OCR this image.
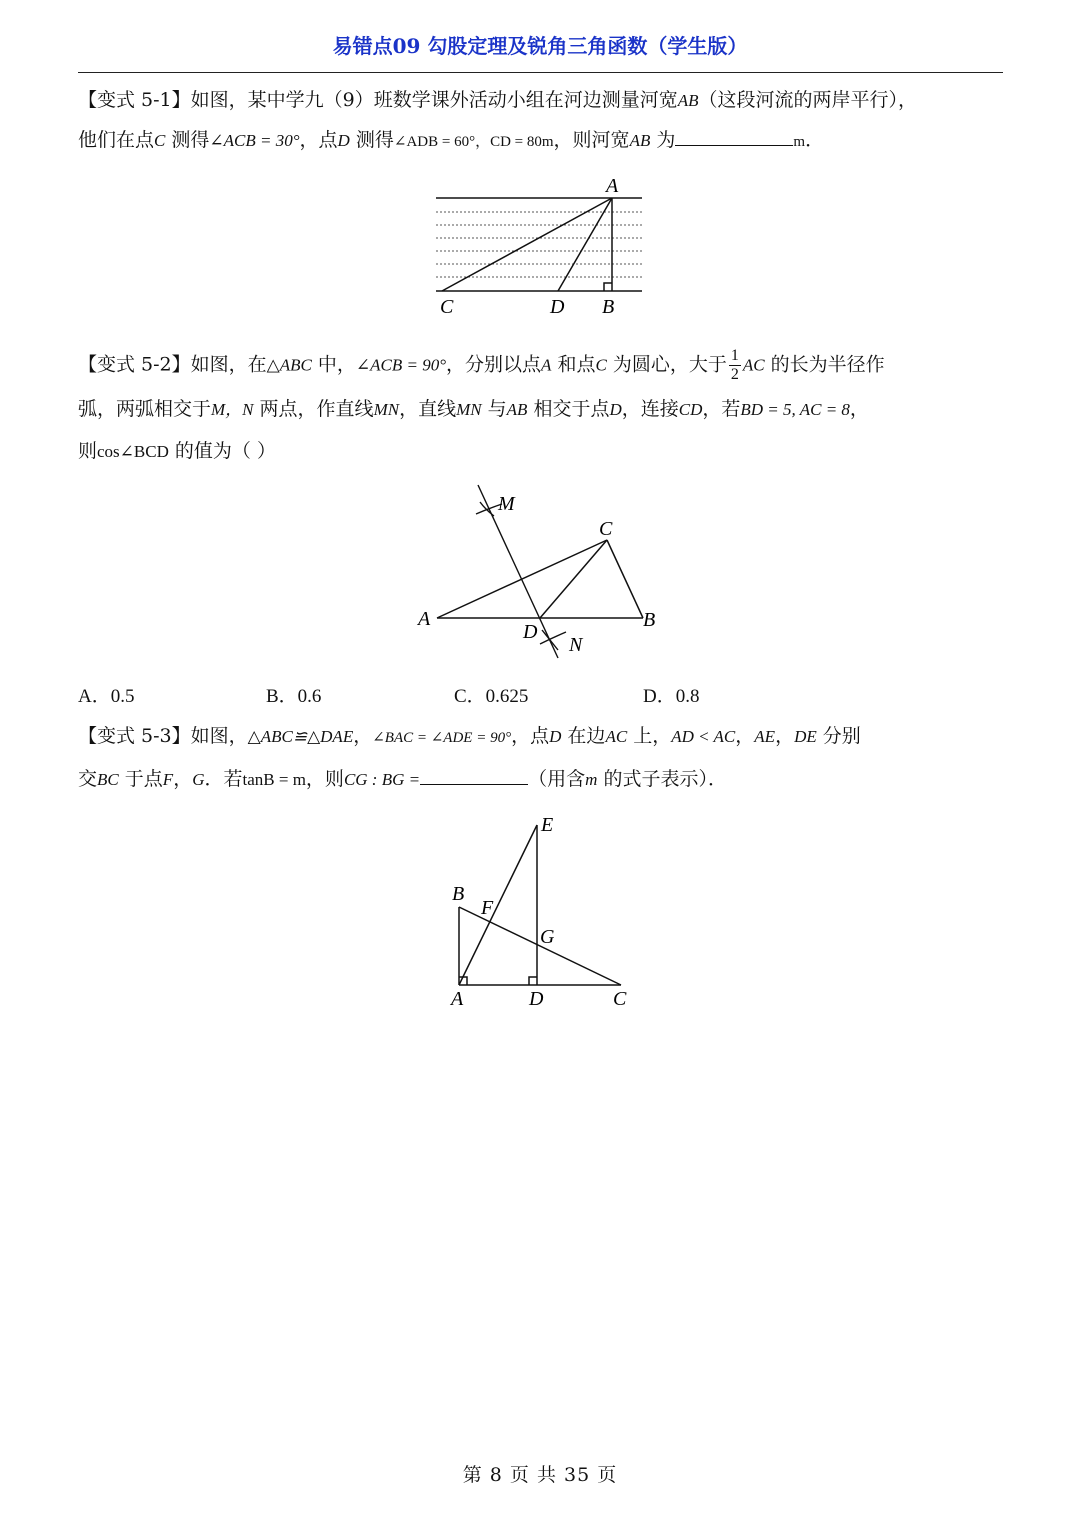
易错点09 勾股定理及锐角三角函数（学生版）
【变式 5-1】如图，某中学九（9）班数学课外活动小组在河边测量河宽AB（这段河流的两岸平行），
他们在点C 测得∠ACB = 30°，点D 测得∠ADB = 60°，CD = 80m，则河宽AB 为	m．
A
C	D B
【变式 5-2】如图，在△ABC 中，∠ACB = 90°，分别以点A 和点C 为圆心，大于 $\frac{1}{2}$ AC 的长为半径作
弧，两弧相交于M，N 两点，作直线MN，直线MN 与AB 相交于点D，连接CD，若BD = 5, AC = 8，
则cos∠BCD 的值为（ ）
M
C
A	B
D
N
A．0.5	B．0.6	C．0.625	D．0.8
【变式 5-3】如图，△ABC≌△DAE，∠BAC = ∠ADE = 90°，点D 在边AC 上，AD < AC，AE，DE 分别
交BC 于点F，G．若tanB = m，则CG : BG =	（用含m 的式子表示）．
E
B
F
G
A	D	C
第 8 页 共 35 页
